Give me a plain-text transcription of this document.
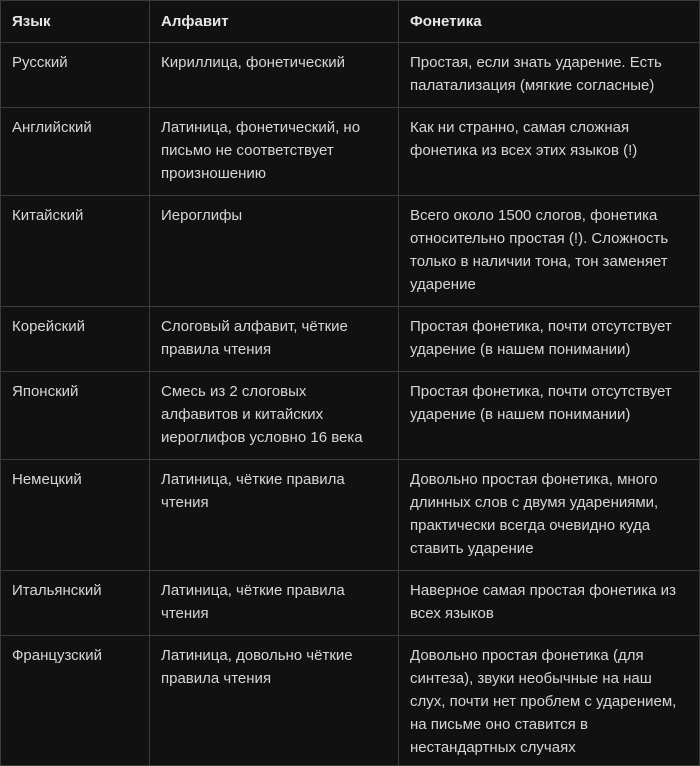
Язык	Алфавит	Фонетика
Русский	Кириллица, фонетический	Простая, если знать ударение. Есть палатализация (мягкие согласные)
Английский	Латиница, фонетический, но письмо не соответствует произношению	Как ни странно, самая сложная фонетика из всех этих языков (!)
Китайский	Иероглифы	Всего около 1500 слогов, фонетика относительно простая (!). Сложность только в наличии тона, тон заменяет ударение
Корейский	Слоговый алфавит, чёткие правила чтения	Простая фонетика, почти отсутствует ударение (в нашем понимании)
Японский	Смесь из 2 слоговых алфавитов и китайских иероглифов условно 16 века	Простая фонетика, почти отсутствует ударение (в нашем понимании)
Немецкий	Латиница, чёткие правила чтения	Довольно простая фонетика, много длинных слов с двумя ударениями, практически всегда очевидно куда ставить ударение
Итальянский	Латиница, чёткие правила чтения	Наверное самая простая фонетика из всех языков
Французский	Латиница, довольно чёткие правила чтения	Довольно простая фонетика (для синтеза), звуки необычные на наш слух, почти нет проблем с ударением, на письме оно ставится в нестандартных случаях
